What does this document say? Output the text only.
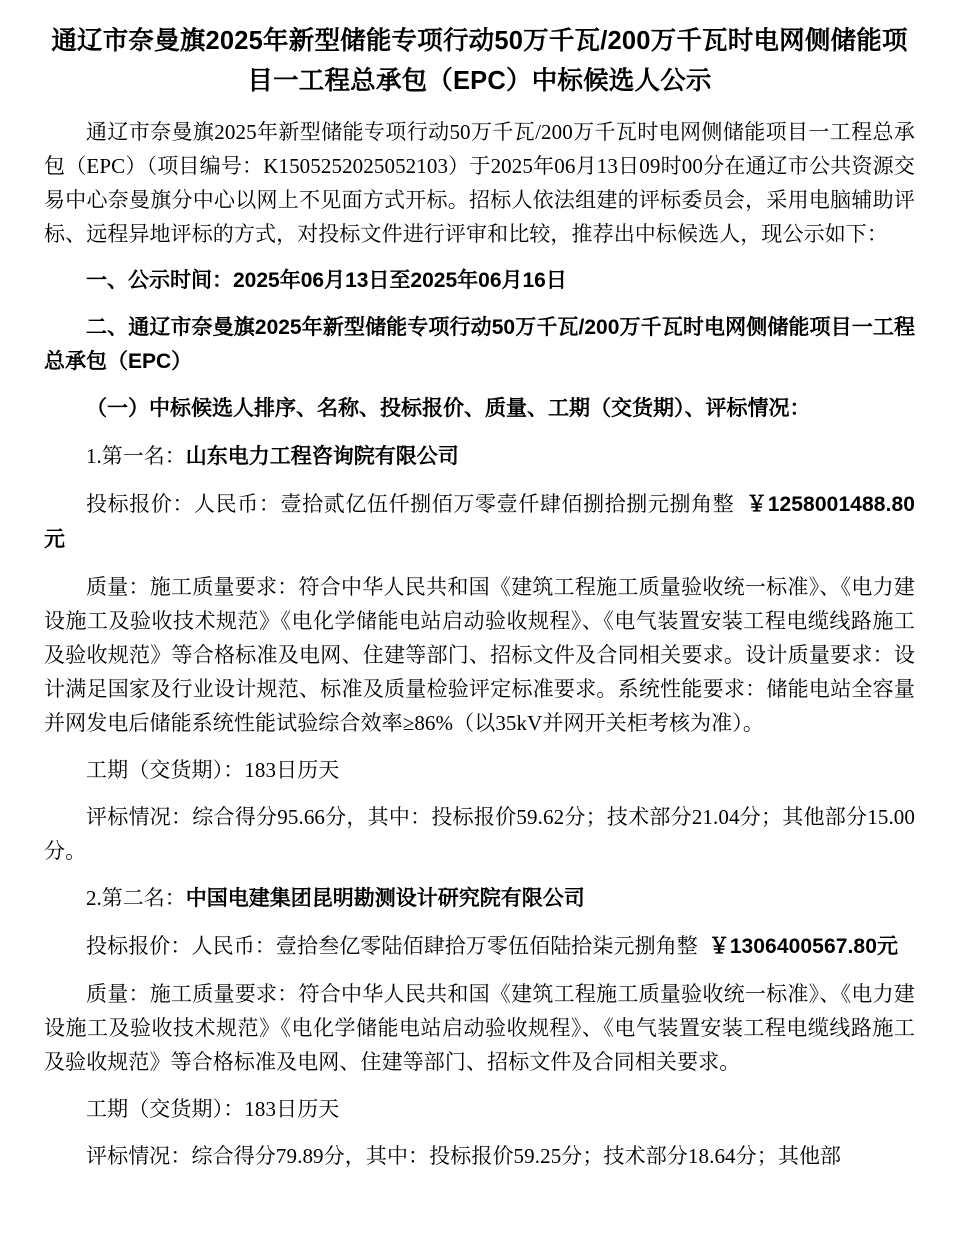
通辽市奈曼旗2025年新型储能专项行动50万千瓦/200万千瓦时电网侧储能项目一工程总承包（EPC）中标候选人公示

通辽市奈曼旗2025年新型储能专项行动50万千瓦/200万千瓦时电网侧储能项目一工程总承包（EPC）（项目编号：K1505252025052103）于2025年06月13日09时00分在通辽市公共资源交易中心奈曼旗分中心以网上不见面方式开标。招标人依法组建的评标委员会，采用电脑辅助评标、远程异地评标的方式，对投标文件进行评审和比较，推荐出中标候选人，现公示如下：

一、公示时间：2025年06月13日至2025年06月16日

二、通辽市奈曼旗2025年新型储能专项行动50万千瓦/200万千瓦时电网侧储能项目一工程总承包（EPC）

（一）中标候选人排序、名称、投标报价、质量、工期（交货期）、评标情况：

1.第一名：山东电力工程咨询院有限公司

投标报价：人民币：壹拾贰亿伍仟捌佰万零壹仟肆佰捌拾捌元捌角整 ￥1258001488.80元

质量：施工质量要求：符合中华人民共和国《建筑工程施工质量验收统一标准》、《电力建设施工及验收技术规范》《电化学储能电站启动验收规程》、《电气装置安装工程电缆线路施工及验收规范》等合格标准及电网、住建等部门、招标文件及合同相关要求。设计质量要求：设计满足国家及行业设计规范、标准及质量检验评定标准要求。系统性能要求：储能电站全容量并网发电后储能系统性能试验综合效率≥86%（以35kV并网开关柜考核为准）。

工期（交货期）：183日历天

评标情况：综合得分95.66分，其中：投标报价59.62分；技术部分21.04分；其他部分15.00分。

2.第二名：中国电建集团昆明勘测设计研究院有限公司

投标报价：人民币：壹拾叁亿零陆佰肆拾万零伍佰陆拾柒元捌角整 ￥1306400567.80元

质量：施工质量要求：符合中华人民共和国《建筑工程施工质量验收统一标准》、《电力建设施工及验收技术规范》《电化学储能电站启动验收规程》、《电气装置安装工程电缆线路施工及验收规范》等合格标准及电网、住建等部门、招标文件及合同相关要求。

工期（交货期）：183日历天

评标情况：综合得分79.89分，其中：投标报价59.25分；技术部分18.64分；其他部
